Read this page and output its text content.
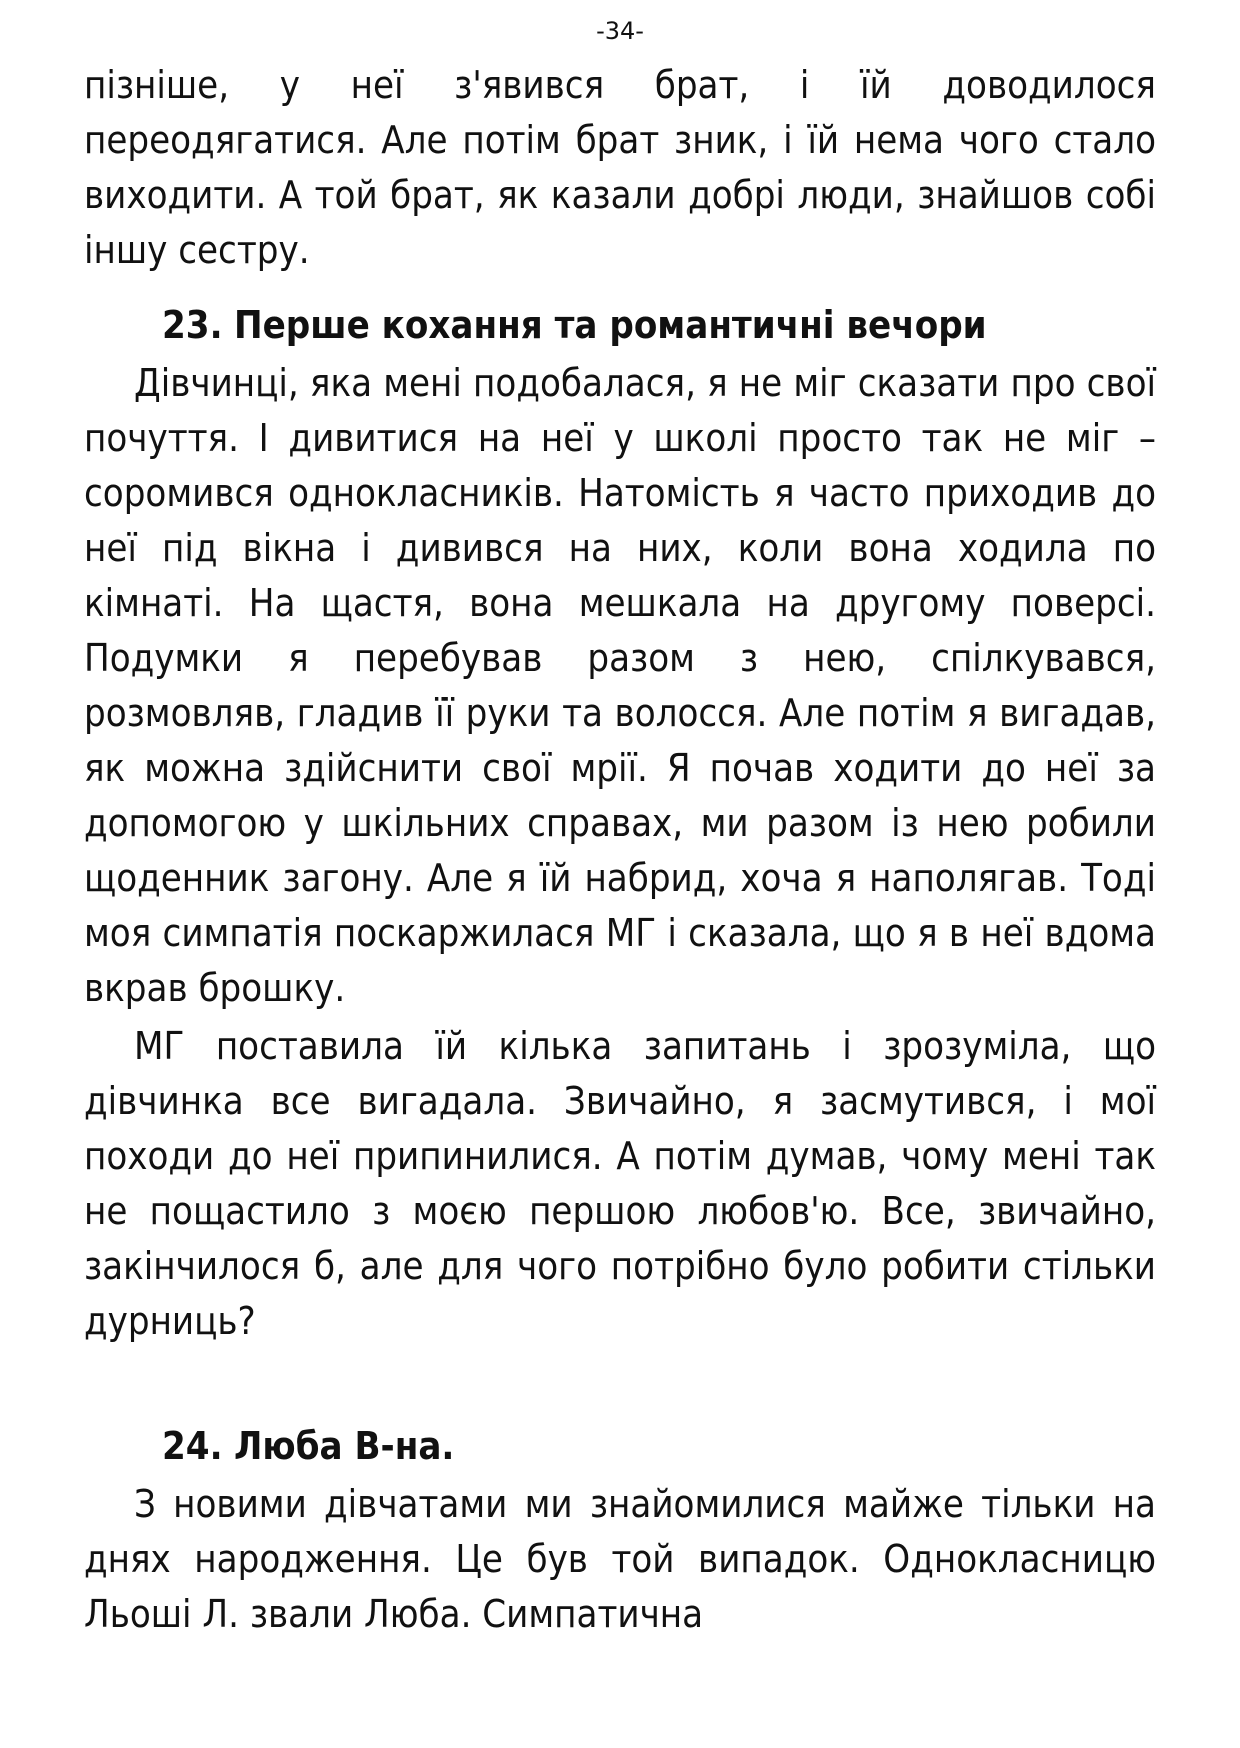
-34-

пізніше, у неї з'явився брат, і їй доводилося переодягатися. Але потім брат зник, і їй нема чого стало виходити. А той брат, як казали добрі люди, знайшов собі іншу сестру.

23. Перше кохання та романтичні вечори

Дівчинці, яка мені подобалася, я не міг сказати про свої почуття. І дивитися на неї у школі просто так не міг – соромився однокласників. Натомість я часто приходив до неї під вікна і дивився на них, коли вона ходила по кімнаті. На щастя, вона мешкала на другому поверсі. Подумки я перебував разом з нею, спілкувався, розмовляв, гладив її руки та волосся. Але потім я вигадав, як можна здійснити свої мрії. Я почав ходити до неї за допомогою у шкільних справах, ми разом із нею робили щоденник загону. Але я їй набрид, хоча я наполягав. Тоді моя симпатія поскаржилася МГ і сказала, що я в неї вдома вкрав брошку.

МГ поставила їй кілька запитань і зрозуміла, що дівчинка все вигадала. Звичайно, я засмутився, і мої походи до неї припинилися. А потім думав, чому мені так не пощастило з моєю першою любов'ю. Все, звичайно, закінчилося б, але для чого потрібно було робити стільки дурниць?

24. Люба В-на.

З новими дівчатами ми знайомилися майже тільки на днях народження. Це був той випадок. Однокласницю Льоші Л. звали Люба. Симпатична
